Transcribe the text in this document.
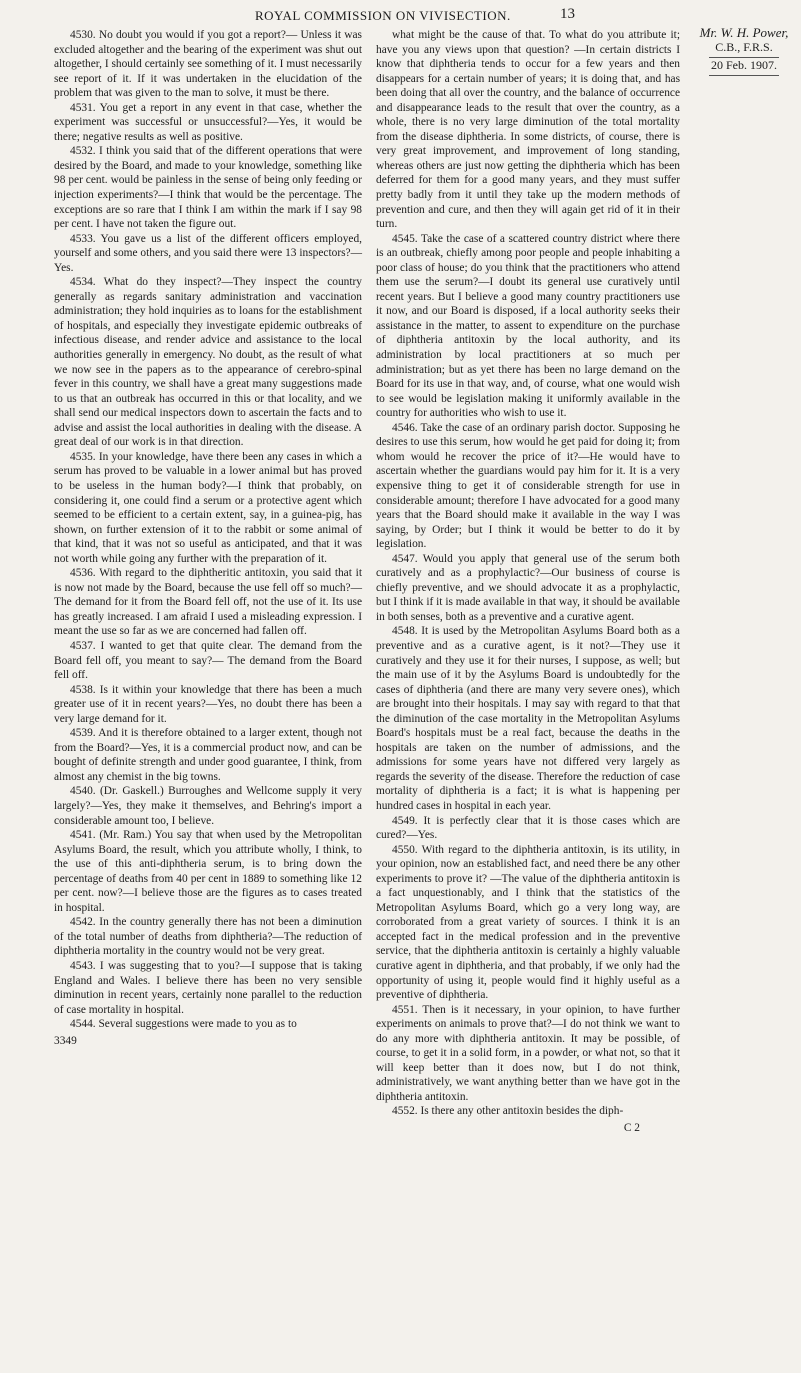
ROYAL COMMISSION ON VIVISECTION.	13

4530. No doubt you would if you got a report?— Unless it was excluded altogether and the bearing of the experiment was shut out altogether, I should certainly see something of it. I must necessarily see report of it. If it was undertaken in the elucidation of the problem that was given to the man to solve, it must be there.

4531. You get a report in any event in that case, whether the experiment was successful or unsuccessful?—Yes, it would be there; negative results as well as positive.

4532. I think you said that of the different operations that were desired by the Board, and made to your knowledge, something like 98 per cent. would be painless in the sense of being only feeding or injection experiments?—I think that would be the percentage. The exceptions are so rare that I think I am within the mark if I say 98 per cent. I have not taken the figure out.

4533. You gave us a list of the different officers employed, yourself and some others, and you said there were 13 inspectors?—Yes.

4534. What do they inspect?—They inspect the country generally as regards sanitary administration and vaccination administration; they hold inquiries as to loans for the establishment of hospitals, and especially they investigate epidemic outbreaks of infectious disease, and render advice and assistance to the local authorities generally in emergency. No doubt, as the result of what we now see in the papers as to the appearance of cerebro-spinal fever in this country, we shall have a great many suggestions made to us that an outbreak has occurred in this or that locality, and we shall send our medical inspectors down to ascertain the facts and to advise and assist the local authorities in dealing with the disease. A great deal of our work is in that direction.

4535. In your knowledge, have there been any cases in which a serum has proved to be valuable in a lower animal but has proved to be useless in the human body?—I think that probably, on considering it, one could find a serum or a protective agent which seemed to be efficient to a certain extent, say, in a guinea-pig, has shown, on further extension of it to the rabbit or some animal of that kind, that it was not so useful as anticipated, and that it was not worth while going any further with the preparation of it.

4536. With regard to the diphtheritic antitoxin, you said that it is now not made by the Board, because the use fell off so much?—The demand for it from the Board fell off, not the use of it. Its use has greatly increased. I am afraid I used a misleading expression. I meant the use so far as we are concerned had fallen off.

4537. I wanted to get that quite clear. The demand from the Board fell off, you meant to say?— The demand from the Board fell off.

4538. Is it within your knowledge that there has been a much greater use of it in recent years?—Yes, no doubt there has been a very large demand for it.

4539. And it is therefore obtained to a larger extent, though not from the Board?—Yes, it is a commercial product now, and can be bought of definite strength and under good guarantee, I think, from almost any chemist in the big towns.

4540. (Dr. Gaskell.) Burroughes and Wellcome supply it very largely?—Yes, they make it themselves, and Behring's import a considerable amount too, I believe.

4541. (Mr. Ram.) You say that when used by the Metropolitan Asylums Board, the result, which you attribute wholly, I think, to the use of this anti-diphtheria serum, is to bring down the percentage of deaths from 40 per cent in 1889 to something like 12 per cent. now?—I believe those are the figures as to cases treated in hospital.

4542. In the country generally there has not been a diminution of the total number of deaths from diphtheria?—The reduction of diphtheria mortality in the country would not be very great.

4543. I was suggesting that to you?—I suppose that is taking England and Wales. I believe there has been no very sensible diminution in recent years, certainly none parallel to the reduction of case mortality in hospital.

4544. Several suggestions were made to you as to

3349

what might be the cause of that. To what do you attribute it; have you any views upon that question? —In certain districts I know that diphtheria tends to occur for a few years and then disappears for a certain number of years; it is doing that, and has been doing that all over the country, and the balance of occurrence and disappearance leads to the result that over the country, as a whole, there is no very large diminution of the total mortality from the disease diphtheria. In some districts, of course, there is very great improvement, and improvement of long standing, whereas others are just now getting the diphtheria which has been deferred for them for a good many years, and they must suffer pretty badly from it until they take up the modern methods of prevention and cure, and then they will again get rid of it in their turn.

4545. Take the case of a scattered country district where there is an outbreak, chiefly among poor people and people inhabiting a poor class of house; do you think that the practitioners who attend them use the serum?—I doubt its general use curatively until recent years. But I believe a good many country practitioners use it now, and our Board is disposed, if a local authority seeks their assistance in the matter, to assent to expenditure on the purchase of diphtheria antitoxin by the local authority, and its administration by local practitioners at so much per administration; but as yet there has been no large demand on the Board for its use in that way, and, of course, what one would wish to see would be legislation making it uniformly available in the country for authorities who wish to use it.

4546. Take the case of an ordinary parish doctor. Supposing he desires to use this serum, how would he get paid for doing it; from whom would he recover the price of it?—He would have to ascertain whether the guardians would pay him for it. It is a very expensive thing to get it of considerable strength for use in considerable amount; therefore I have advocated for a good many years that the Board should make it available in the way I was saying, by Order; but I think it would be better to do it by legislation.

4547. Would you apply that general use of the serum both curatively and as a prophylactic?—Our business of course is chiefly preventive, and we should advocate it as a prophylactic, but I think if it is made available in that way, it should be available in both senses, both as a preventive and a curative agent.

4548. It is used by the Metropolitan Asylums Board both as a preventive and as a curative agent, is it not?—They use it curatively and they use it for their nurses, I suppose, as well; but the main use of it by the Asylums Board is undoubtedly for the cases of diphtheria (and there are many very severe ones), which are brought into their hospitals. I may say with regard to that that the diminution of the case mortality in the Metropolitan Asylums Board's hospitals must be a real fact, because the deaths in the hospitals are taken on the number of admissions, and the admissions for some years have not differed very largely as regards the severity of the disease. Therefore the reduction of case mortality of diphtheria is a fact; it is what is happening per hundred cases in hospital in each year.

4549. It is perfectly clear that it is those cases which are cured?—Yes.

4550. With regard to the diphtheria antitoxin, is its utility, in your opinion, now an established fact, and need there be any other experiments to prove it? —The value of the diphtheria antitoxin is a fact unquestionably, and I think that the statistics of the Metropolitan Asylums Board, which go a very long way, are corroborated from a great variety of sources. I think it is an accepted fact in the medical profession and in the preventive service, that the diphtheria antitoxin is certainly a highly valuable curative agent in diphtheria, and that probably, if we only had the opportunity of using it, people would find it highly useful as a preventive of diphtheria.

4551. Then is it necessary, in your opinion, to have further experiments on animals to prove that?—I do not think we want to do any more with diphtheria antitoxin. It may be possible, of course, to get it in a solid form, in a powder, or what not, so that it will keep better than it does now, but I do not think, administratively, we want anything better than we have got in the diphtheria antitoxin.

4552. Is there any other antitoxin besides the diph-

C 2

Mr. W. H. Power,
C.B., F.R.S.
20 Feb. 1907.
